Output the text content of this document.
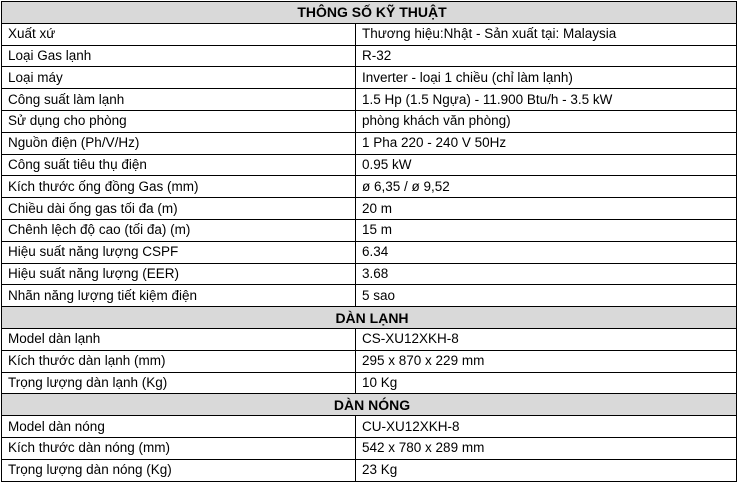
THÔNG SỐ KỸ THUẬT	
Xuất xứ	Thương hiệu:Nhật - Sản xuất tại: Malaysia
Loại Gas lạnh	R-32
Loại máy	Inverter - loại 1 chiều (chỉ làm lạnh)
Công suất làm lạnh	1.5 Hp (1.5 Ngựa) - 11.900 Btu/h - 3.5 kW
Sử dụng cho phòng	phòng khách văn phòng)
Nguồn điện (Ph/V/Hz)	1 Pha 220 - 240 V 50Hz
Công suất tiêu thụ điện	0.95 kW
Kích thước ống đồng Gas (mm)	ø 6,35 / ø 9,52
Chiều dài ống gas tối đa (m)	20 m
Chênh lệch độ cao (tối đa) (m)	15 m
Hiệu suất năng lượng CSPF	6.34
Hiệu suất năng lượng (EER)	3.68
Nhãn năng lượng tiết kiệm điện	5 sao
DÀN LẠNH	
Model dàn lạnh	CS-XU12XKH-8
Kích thước dàn lạnh (mm)	295 x 870 x 229 mm
Trọng lượng dàn lạnh (Kg)	10 Kg
DÀN NÓNG	
Model dàn nóng	CU-XU12XKH-8
Kích thước dàn nóng (mm)	542 x 780 x 289 mm
Trọng lượng dàn nóng (Kg)	23 Kg
